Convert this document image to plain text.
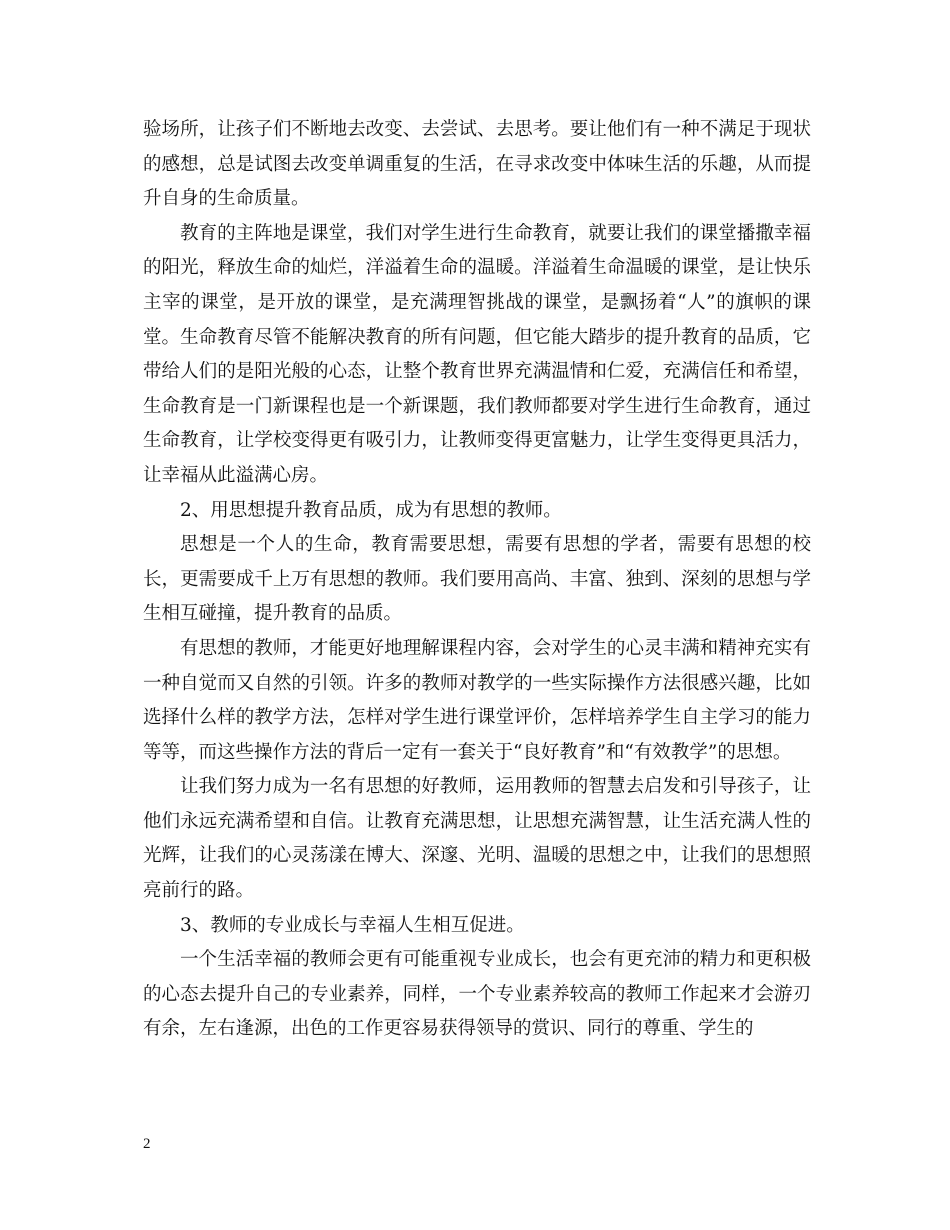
验场所，让孩子们不断地去改变、去尝试、去思考。要让他们有一种不满足于现状的感想，总是试图去改变单调重复的生活，在寻求改变中体味生活的乐趣，从而提升自身的生命质量。

教育的主阵地是课堂，我们对学生进行生命教育，就要让我们的课堂播撒幸福的阳光，释放生命的灿烂，洋溢着生命的温暖。洋溢着生命温暖的课堂，是让快乐主宰的课堂，是开放的课堂，是充满理智挑战的课堂，是飘扬着“人”的旗帜的课堂。生命教育尽管不能解决教育的所有问题，但它能大踏步的提升教育的品质，它带给人们的是阳光般的心态，让整个教育世界充满温情和仁爱，充满信任和希望，生命教育是一门新课程也是一个新课题，我们教师都要对学生进行生命教育，通过生命教育，让学校变得更有吸引力，让教师变得更富魅力，让学生变得更具活力，让幸福从此溢满心房。

2、用思想提升教育品质，成为有思想的教师。

思想是一个人的生命，教育需要思想，需要有思想的学者，需要有思想的校长，更需要成千上万有思想的教师。我们要用高尚、丰富、独到、深刻的思想与学生相互碰撞，提升教育的品质。

有思想的教师，才能更好地理解课程内容，会对学生的心灵丰满和精神充实有一种自觉而又自然的引领。许多的教师对教学的一些实际操作方法很感兴趣，比如选择什么样的教学方法，怎样对学生进行课堂评价，怎样培养学生自主学习的能力等等，而这些操作方法的背后一定有一套关于“良好教育”和“有效教学”的思想。

让我们努力成为一名有思想的好教师，运用教师的智慧去启发和引导孩子，让他们永远充满希望和自信。让教育充满思想，让思想充满智慧，让生活充满人性的光辉，让我们的心灵荡漾在博大、深邃、光明、温暖的思想之中，让我们的思想照亮前行的路。

3、教师的专业成长与幸福人生相互促进。

一个生活幸福的教师会更有可能重视专业成长，也会有更充沛的精力和更积极的心态去提升自己的专业素养，同样，一个专业素养较高的教师工作起来才会游刃有余，左右逢源，出色的工作更容易获得领导的赏识、同行的尊重、学生的

2
